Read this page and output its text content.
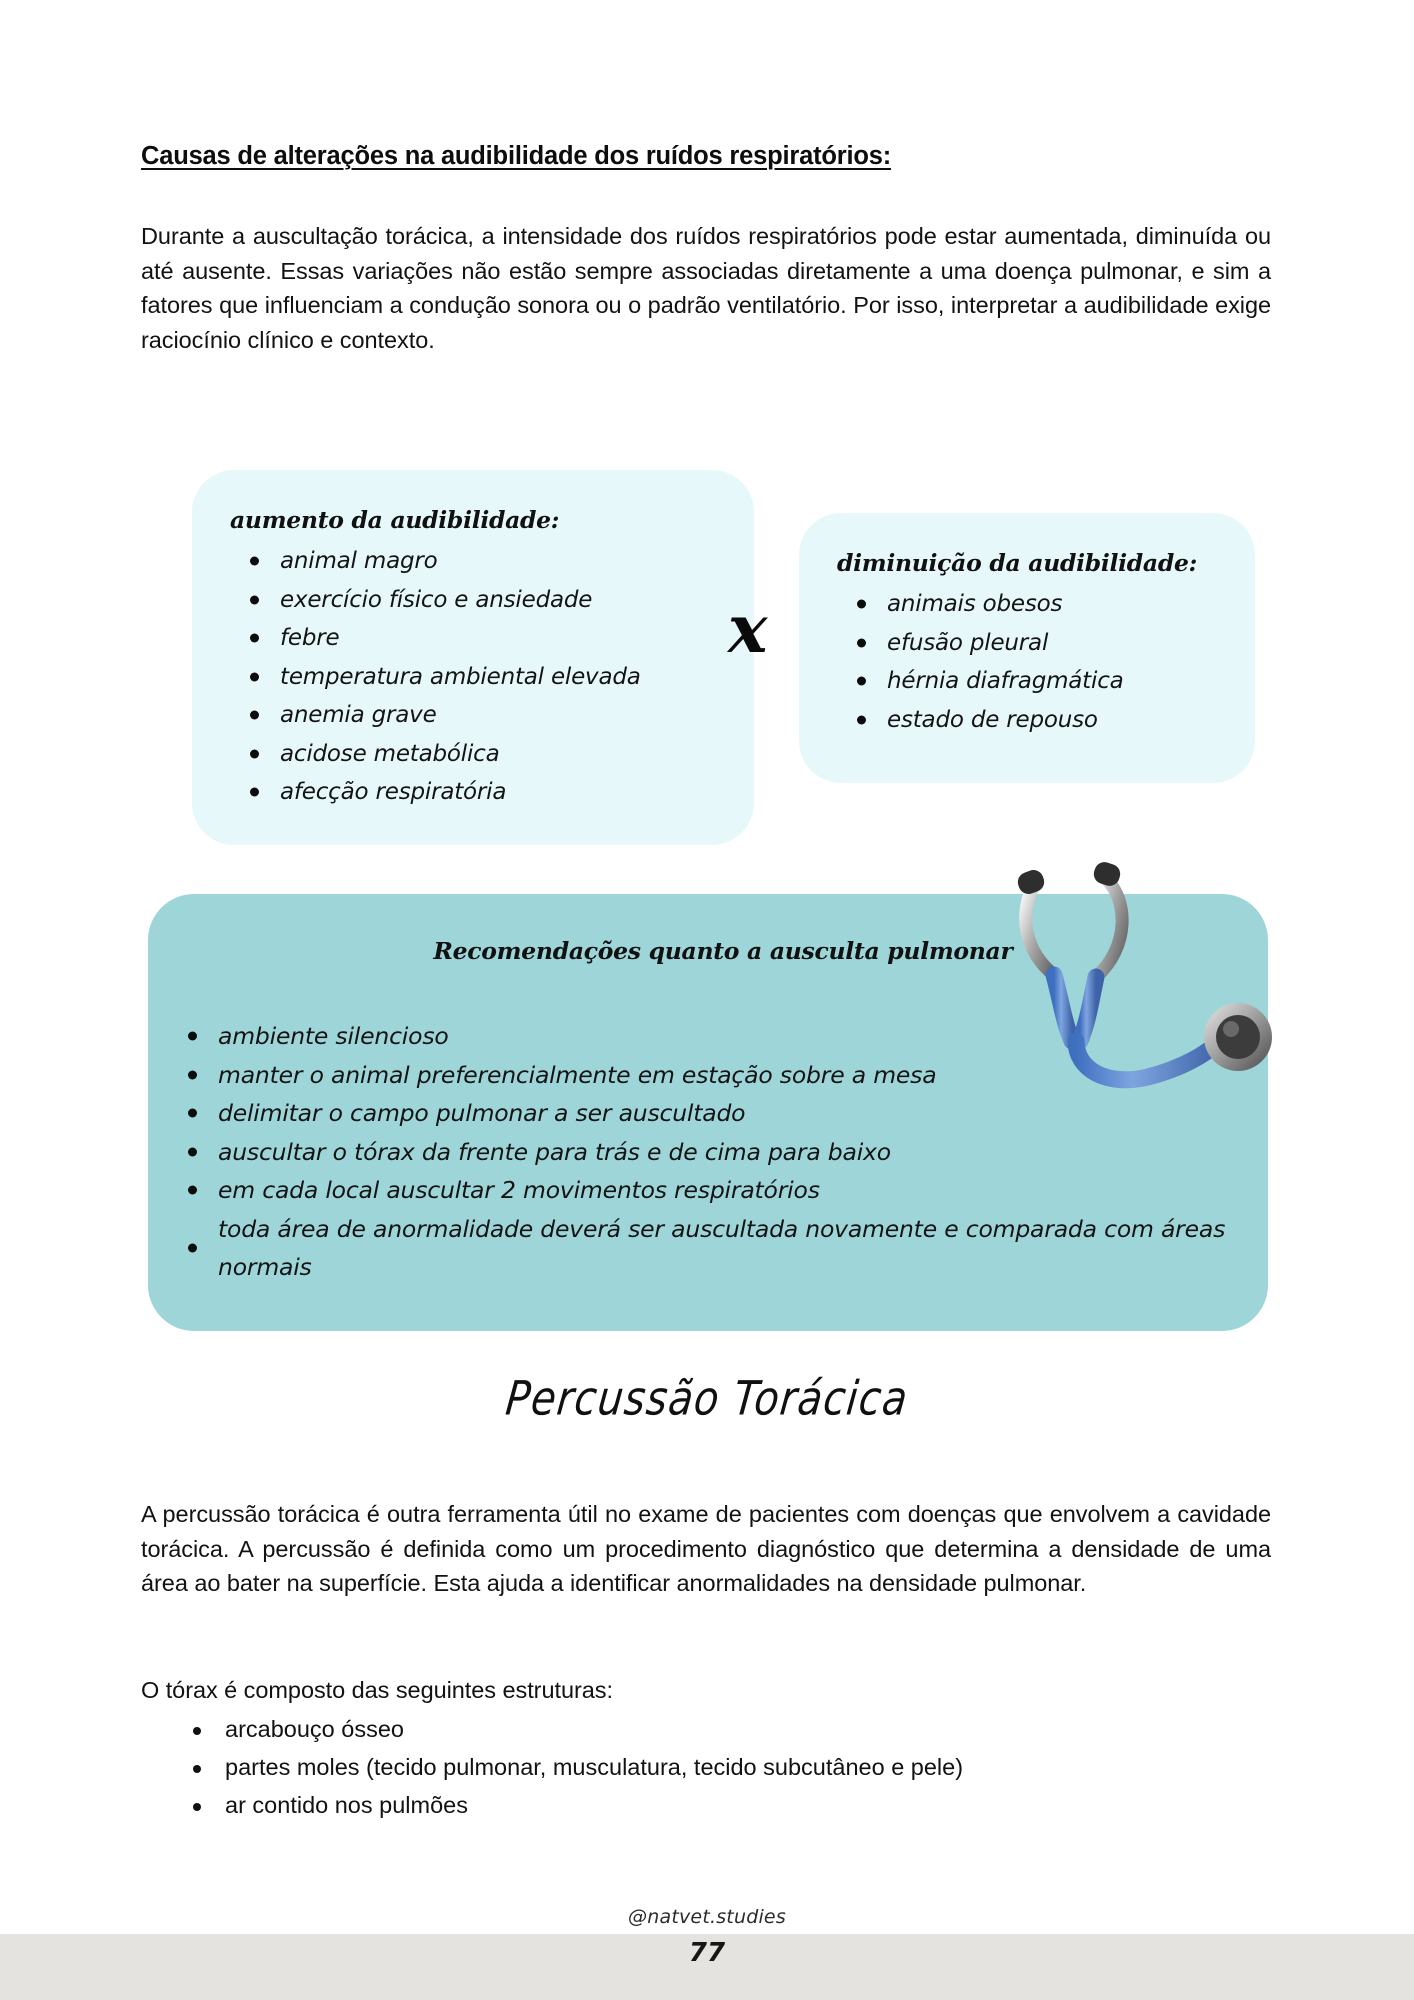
Causas de alterações na audibilidade dos ruídos respiratórios:

Durante a auscultação torácica, a intensidade dos ruídos respiratórios pode estar aumentada, diminuída ou até ausente. Essas variações não estão sempre associadas diretamente a uma doença pulmonar, e sim a fatores que influenciam a condução sonora ou o padrão ventilatório. Por isso, interpretar a audibilidade exige raciocínio clínico e contexto.

A percussão torácica é outra ferramenta útil no exame de pacientes com doenças que envolvem a cavidade torácica. A percussão é definida como um procedimento diagnóstico que determina a densidade de uma área ao bater na superfície. Esta ajuda a identificar anormalidades na densidade pulmonar.

O tórax é composto das seguintes estruturas:

arcabouço ósseo
partes moles (tecido pulmonar, musculatura, tecido subcutâneo e pele)
ar contido nos pulmões
aumento da audibilidade:
animal magro
exercício físico e ansiedade
febre
temperatura ambiental elevada
anemia grave
acidose metabólica
afecção respiratória
x
diminuição da audibilidade:
animais obesos
efusão pleural
hérnia diafragmática
estado de repouso
Recomendações quanto a ausculta pulmonar
ambiente silencioso
manter o animal preferencialmente em estação sobre a mesa
delimitar o campo pulmonar a ser auscultado
auscultar o tórax da frente para trás e de cima para baixo
em cada local auscultar 2 movimentos respiratórios
toda área de anormalidade deverá ser auscultada novamente e comparada com áreas normais
Percussão Torácica
@natvet.studies
77
